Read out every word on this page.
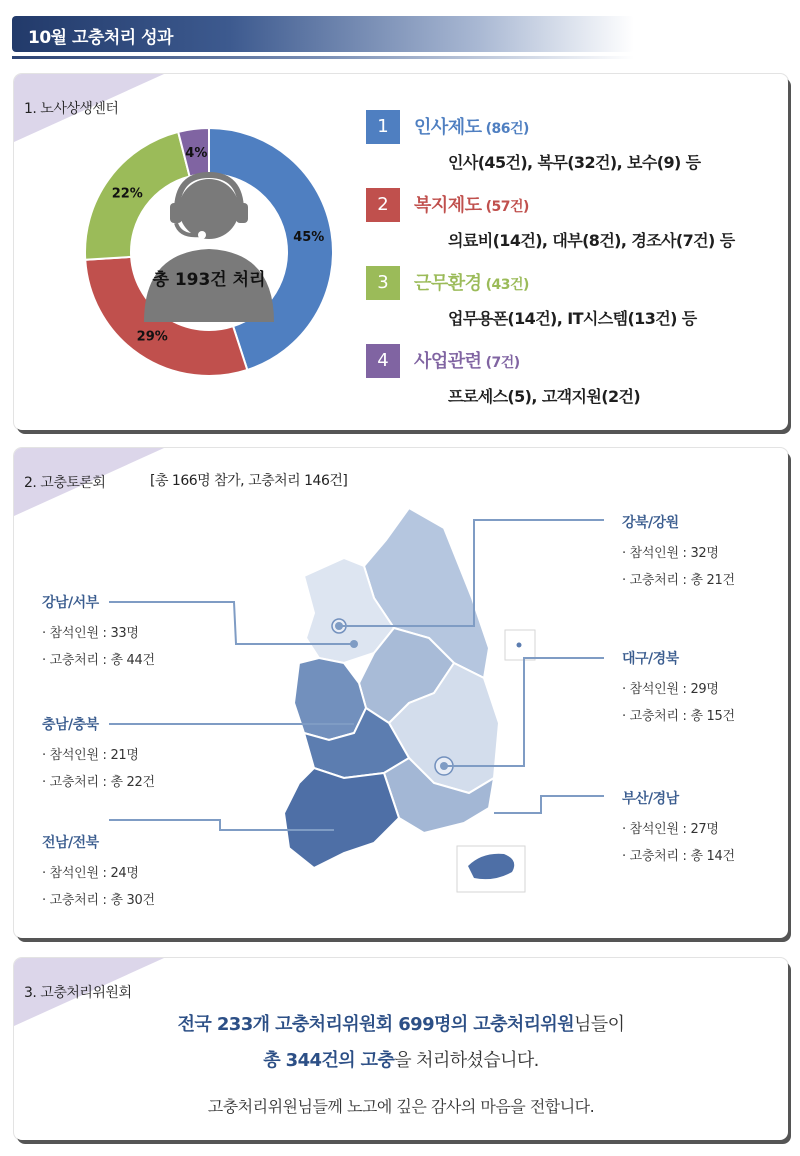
10월 고충처리 성과
1. 노사상생센터
총 193건 처리
45%
29%
22%
4%
1	인사제도 (86건)
인사(45건), 복무(32건), 보수(9) 등
2	복지제도 (57건)
의료비(14건), 대부(8건), 경조사(7건) 등
3	근무환경 (43건)
업무용폰(14건), IT시스템(13건) 등
4	사업관련 (7건)
프로세스(5), 고객지원(2건)
2. 고충토론회	[총 166명 참가, 고충처리 146건]
강남/서부
· 참석인원 : 33명
· 고충처리 : 총 44건
충남/충북
· 참석인원 : 21명
· 고충처리 : 총 22건
전남/전북
· 참석인원 : 24명
· 고충처리 : 총 30건
강북/강원
· 참석인원 : 32명
· 고충처리 : 총 21건
대구/경북
· 참석인원 : 29명
· 고충처리 : 총 15건
부산/경남
· 참석인원 : 27명
· 고충처리 : 총 14건
3. 고충처리위원회
전국 233개 고충처리위원회 699명의 고충처리위원님들이
총 344건의 고충을 처리하셨습니다.
고충처리위원님들께 노고에 깊은 감사의 마음을 전합니다.
